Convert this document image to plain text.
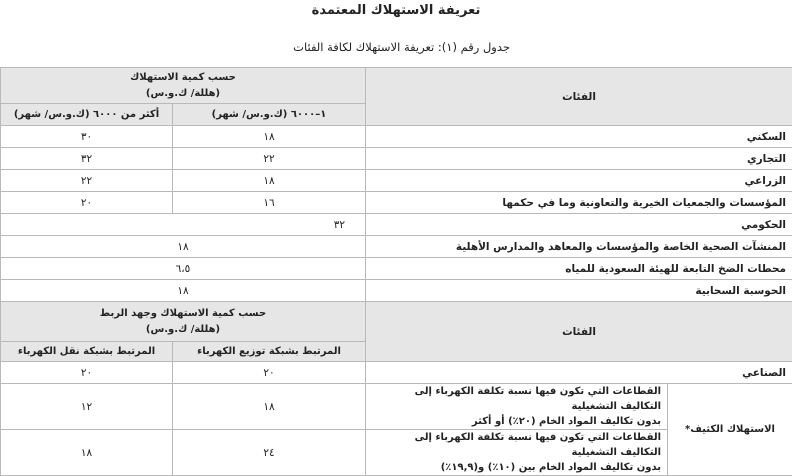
تعريفة الاستهلاك المعتمدة
جدول رقم (١): تعريفة الاستهلاك لكافة الفئات
الفئات		حسب كمية الاستهلاك
(هللة/ ك.و.س)	

		١–٦٠٠٠ (ك.و.س/ شهر)	أكثر من ٦٠٠٠ (ك.و.س/ شهر)
السكني		١٨	٣٠
التجاري		٢٢	٣٢
الزراعي		١٨	٢٢
المؤسسات والجمعيات الخيرية والتعاونية وما في حكمها		١٦	٢٠
الحكومي		٣٢	
المنشآت الصحية الخاصة والمؤسسات والمعاهد والمدارس الأهلية		١٨	
محطات الضخ التابعة للهيئة السعودية للمياه		٦،٥	
الحوسبة السحابية		١٨	
الفئات		حسب كمية الاستهلاك وجهد الربط
(هللة/ ك.و.س)	

		المرتبط بشبكة توزيع الكهرباء	المرتبط بشبكة نقل الكهرباء
الصناعي		٢٠	٢٠
الاستهلاك الكثيف*	القطاعات التي تكون فيها نسبة تكلفة الكهرباء إلى التكاليف التشغيلية
بدون تكاليف المواد الخام (٢٠٪) أو أكثر	١٨	١٢

	القطاعات التي تكون فيها نسبة تكلفة الكهرباء إلى التكاليف التشغيلية
بدون تكاليف المواد الخام بين (١٠٪) و(١٩,٩٪)	٢٤	١٨
